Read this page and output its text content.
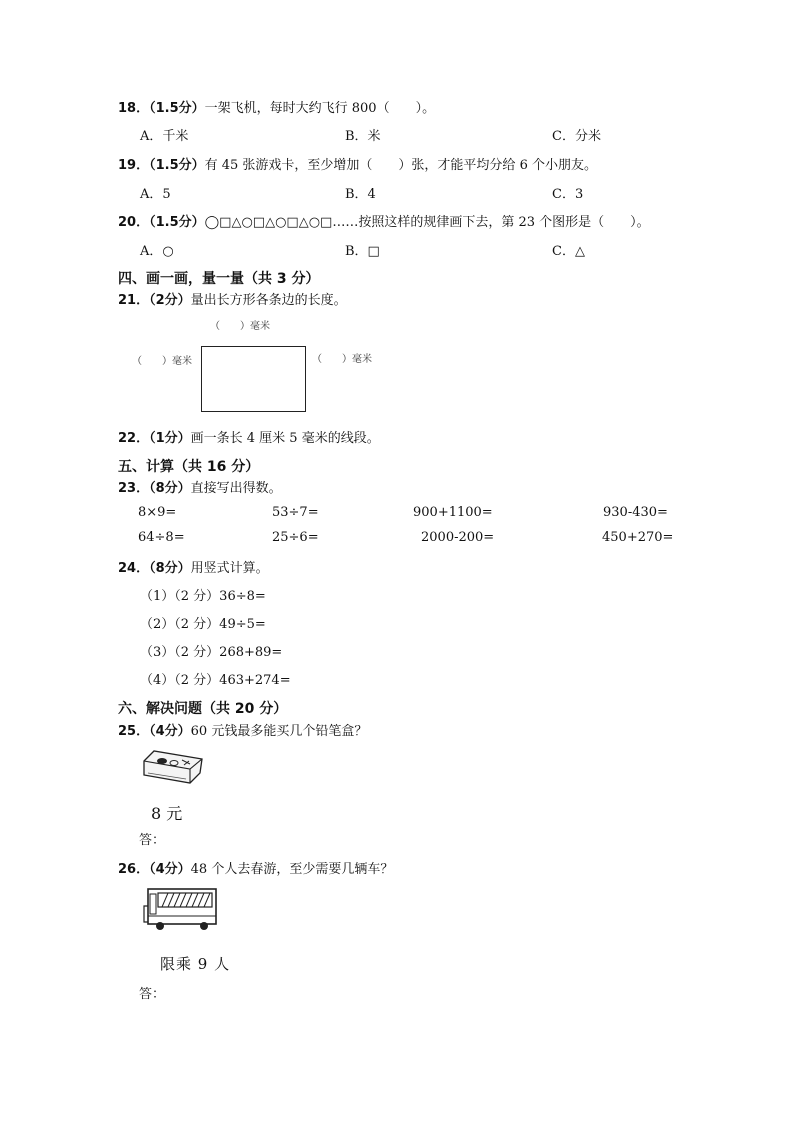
18．（1.5分）一架飞机，每时大约飞行 800（　　）。
A．千米	B．米	C．分米
19．（1.5分）有 45 张游戏卡，至少增加（　　）张，才能平均分给 6 个小朋友。
A．5	B．4	C．3
20．（1.5分）◯□△○□△○□△○□……按照这样的规律画下去，第 23 个图形是（　　）。
A．○	B．□	C．△
四、画一画，量一量（共 3 分）
21．（2分）量出长方形各条边的长度。
（　　）毫米
（　　）毫米	（　　）毫米
22．（1分）画一条长 4 厘米 5 毫米的线段。
五、计算（共 16 分）
23．（8分）直接写出得数。
8×9=	53÷7=	900+1100=	930-430=
64÷8=	25÷6=	2000-200=	450+270=
24．（8分）用竖式计算。
（1）（2 分）36÷8=
（2）（2 分）49÷5=
（3）（2 分）268+89=
（4）（2 分）463+274=
六、解决问题（共 20 分）
25．（4分）60 元钱最多能买几个铅笔盒？
8 元
答：
26．（4分）48 个人去春游，至少需要几辆车？
限乘 9 人
答：
